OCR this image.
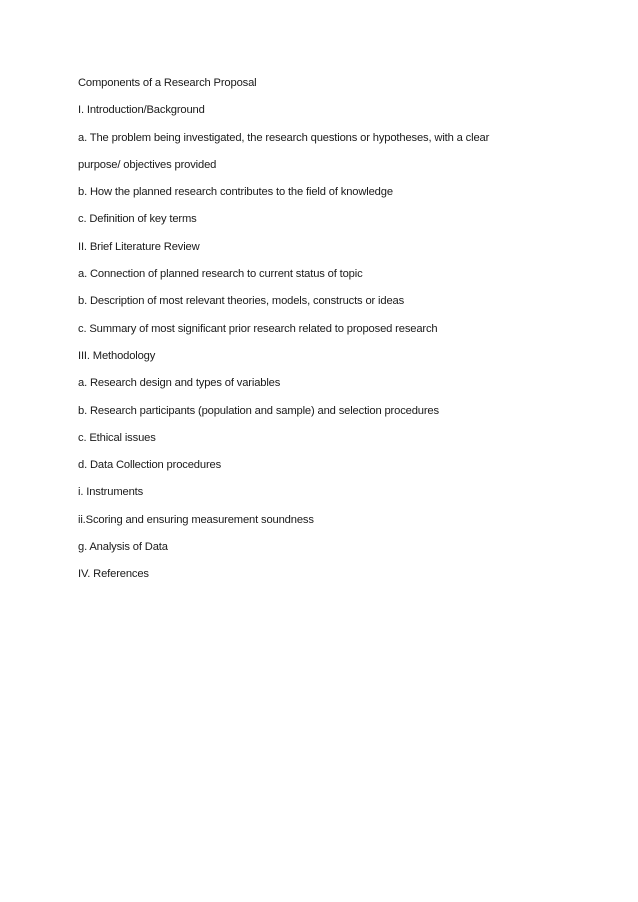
Components of a Research Proposal
I. Introduction/Background
a. The problem being investigated, the research questions or hypotheses, with a clear
purpose/ objectives provided
b. How the planned research contributes to the field of knowledge
c. Definition of key terms
II. Brief Literature Review
a. Connection of planned research to current status of topic
b. Description of most relevant theories, models, constructs or ideas
c. Summary of most significant prior research related to proposed research
III. Methodology
a. Research design and types of variables
b. Research participants (population and sample) and selection procedures
c. Ethical issues
d. Data Collection procedures
i. Instruments
ii.Scoring and ensuring measurement soundness
g. Analysis of Data
IV. References
